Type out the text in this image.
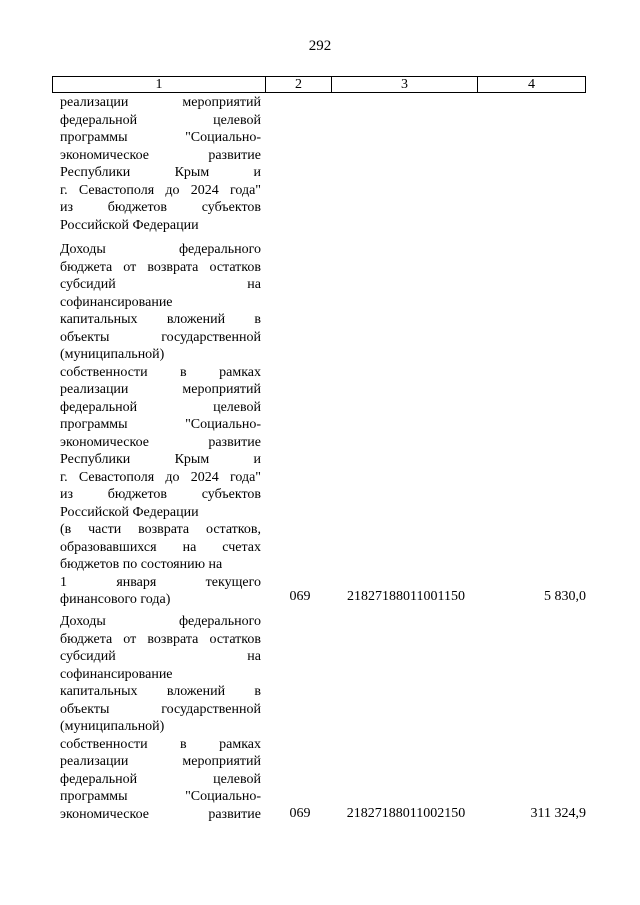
292
1	2	3	4
реализации мероприятий
федеральной целевой
программы "Социально-
экономическое развитие
Республики Крым и
г. Севастополя до 2024 года"
из бюджетов субъектов
Российской Федерации
Доходы федерального
бюджета от возврата остатков
субсидий на
софинансирование
капитальных вложений в
объекты государственной
(муниципальной)
собственности в рамках
реализации мероприятий
федеральной целевой
программы "Социально-
экономическое развитие
Республики Крым и
г. Севастополя до 2024 года"
из бюджетов субъектов
Российской Федерации
(в части возврата остатков,
образовавшихся на счетах
бюджетов по состоянию на
1 января текущего
финансового года)	069	21827188011001150	5 830,0
Доходы федерального
бюджета от возврата остатков
субсидий на
софинансирование
капитальных вложений в
объекты государственной
(муниципальной)
собственности в рамках
реализации мероприятий
федеральной целевой
программы "Социально-
экономическое развитие 069	21827188011002150	311 324,9
